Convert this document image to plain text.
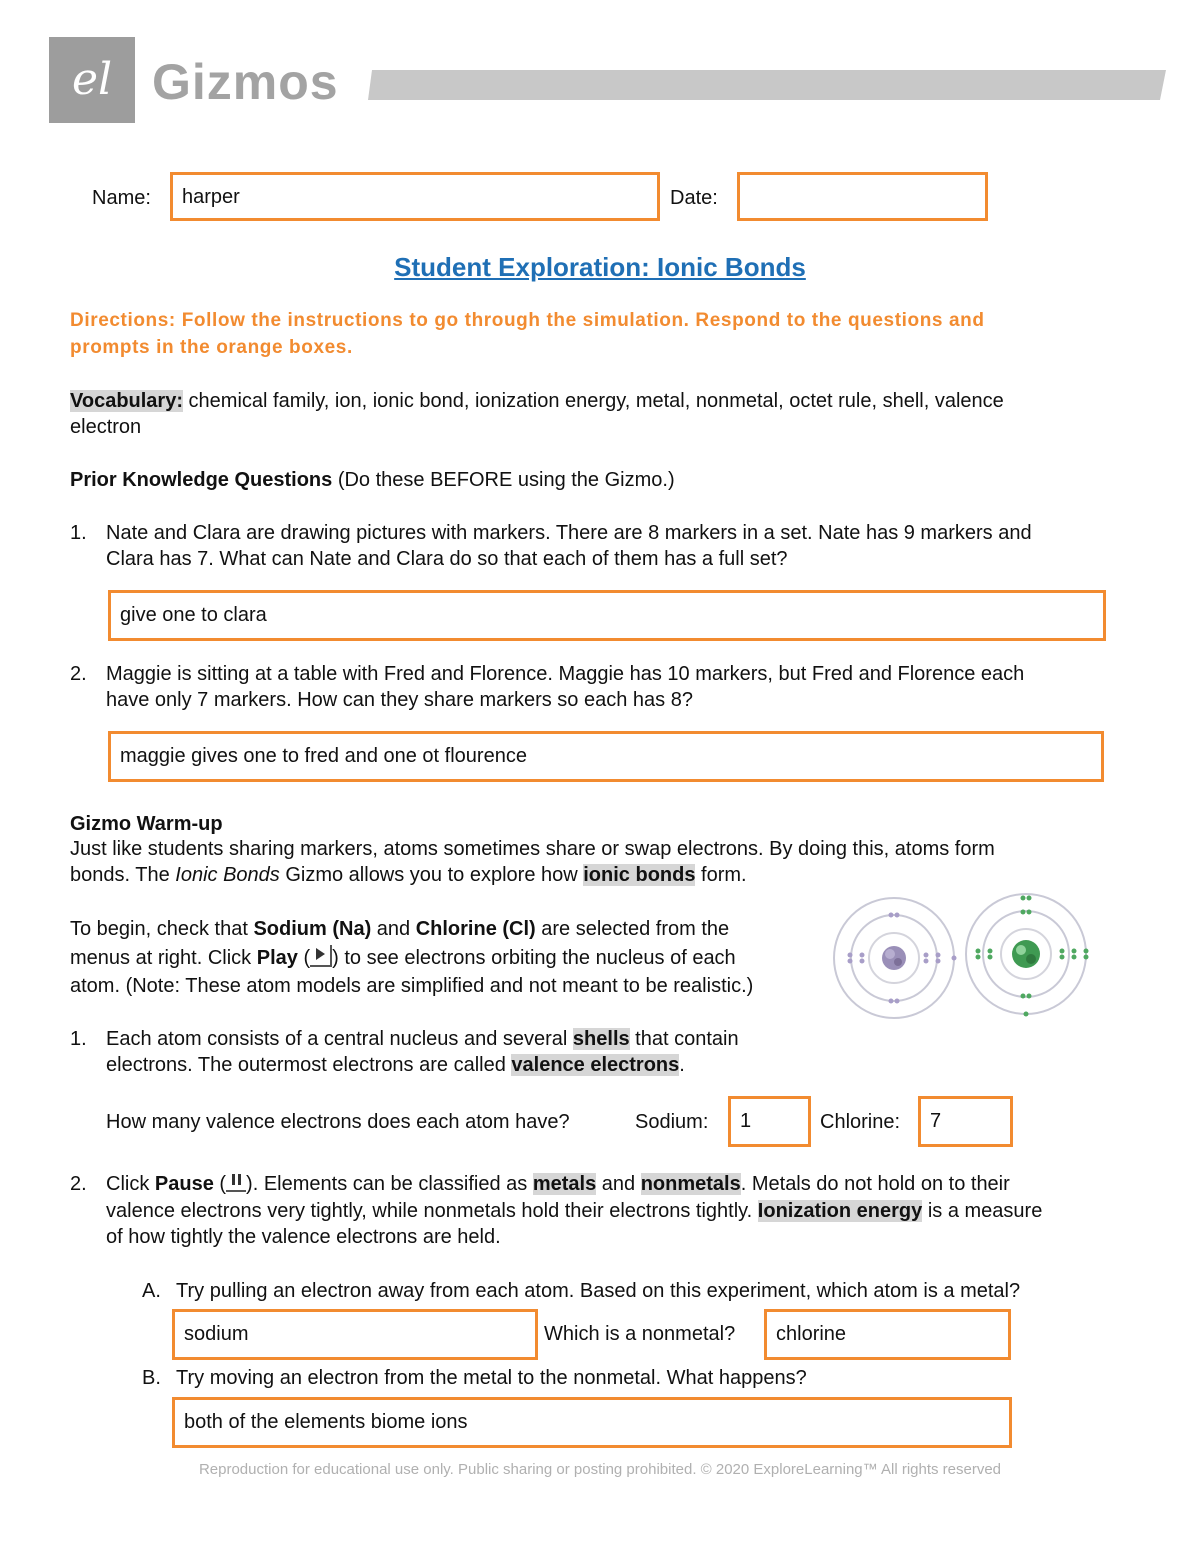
el Gizmos
Name:	harper	Date:
Student Exploration: Ionic Bonds
Directions: Follow the instructions to go through the simulation. Respond to the questions and
prompts in the orange boxes.
Vocabulary: chemical family, ion, ionic bond, ionization energy, metal, nonmetal, octet rule, shell, valence
electron
Prior Knowledge Questions (Do these BEFORE using the Gizmo.)
1. Nate and Clara are drawing pictures with markers. There are 8 markers in a set. Nate has 9 markers and
Clara has 7. What can Nate and Clara do so that each of them has a full set?
give one to clara
2. Maggie is sitting at a table with Fred and Florence. Maggie has 10 markers, but Fred and Florence each
have only 7 markers. How can they share markers so each has 8?
maggie gives one to fred and one ot flourence
Gizmo Warm-up
Just like students sharing markers, atoms sometimes share or swap electrons. By doing this, atoms form
bonds. The Ionic Bonds Gizmo allows you to explore how ionic bonds form.
To begin, check that Sodium (Na) and Chlorine (Cl) are selected from the
menus at right. Click Play ( ) to see electrons orbiting the nucleus of each
atom. (Note: These atom models are simplified and not meant to be realistic.)
1. Each atom consists of a central nucleus and several shells that contain
electrons. The outermost electrons are called valence electrons.
How many valence electrons does each atom have?	Sodium:	1	Chlorine:	7
2. Click Pause ( ). Elements can be classified as metals and nonmetals. Metals do not hold on to their
valence electrons very tightly, while nonmetals hold their electrons tightly. Ionization energy is a measure
of how tightly the valence electrons are held.
A. Try pulling an electron away from each atom. Based on this experiment, which atom is a metal?
sodium	Which is a nonmetal?	chlorine
B. Try moving an electron from the metal to the nonmetal. What happens?
both of the elements biome ions
Reproduction for educational use only. Public sharing or posting prohibited. © 2020 ExploreLearning™ All rights reserved
